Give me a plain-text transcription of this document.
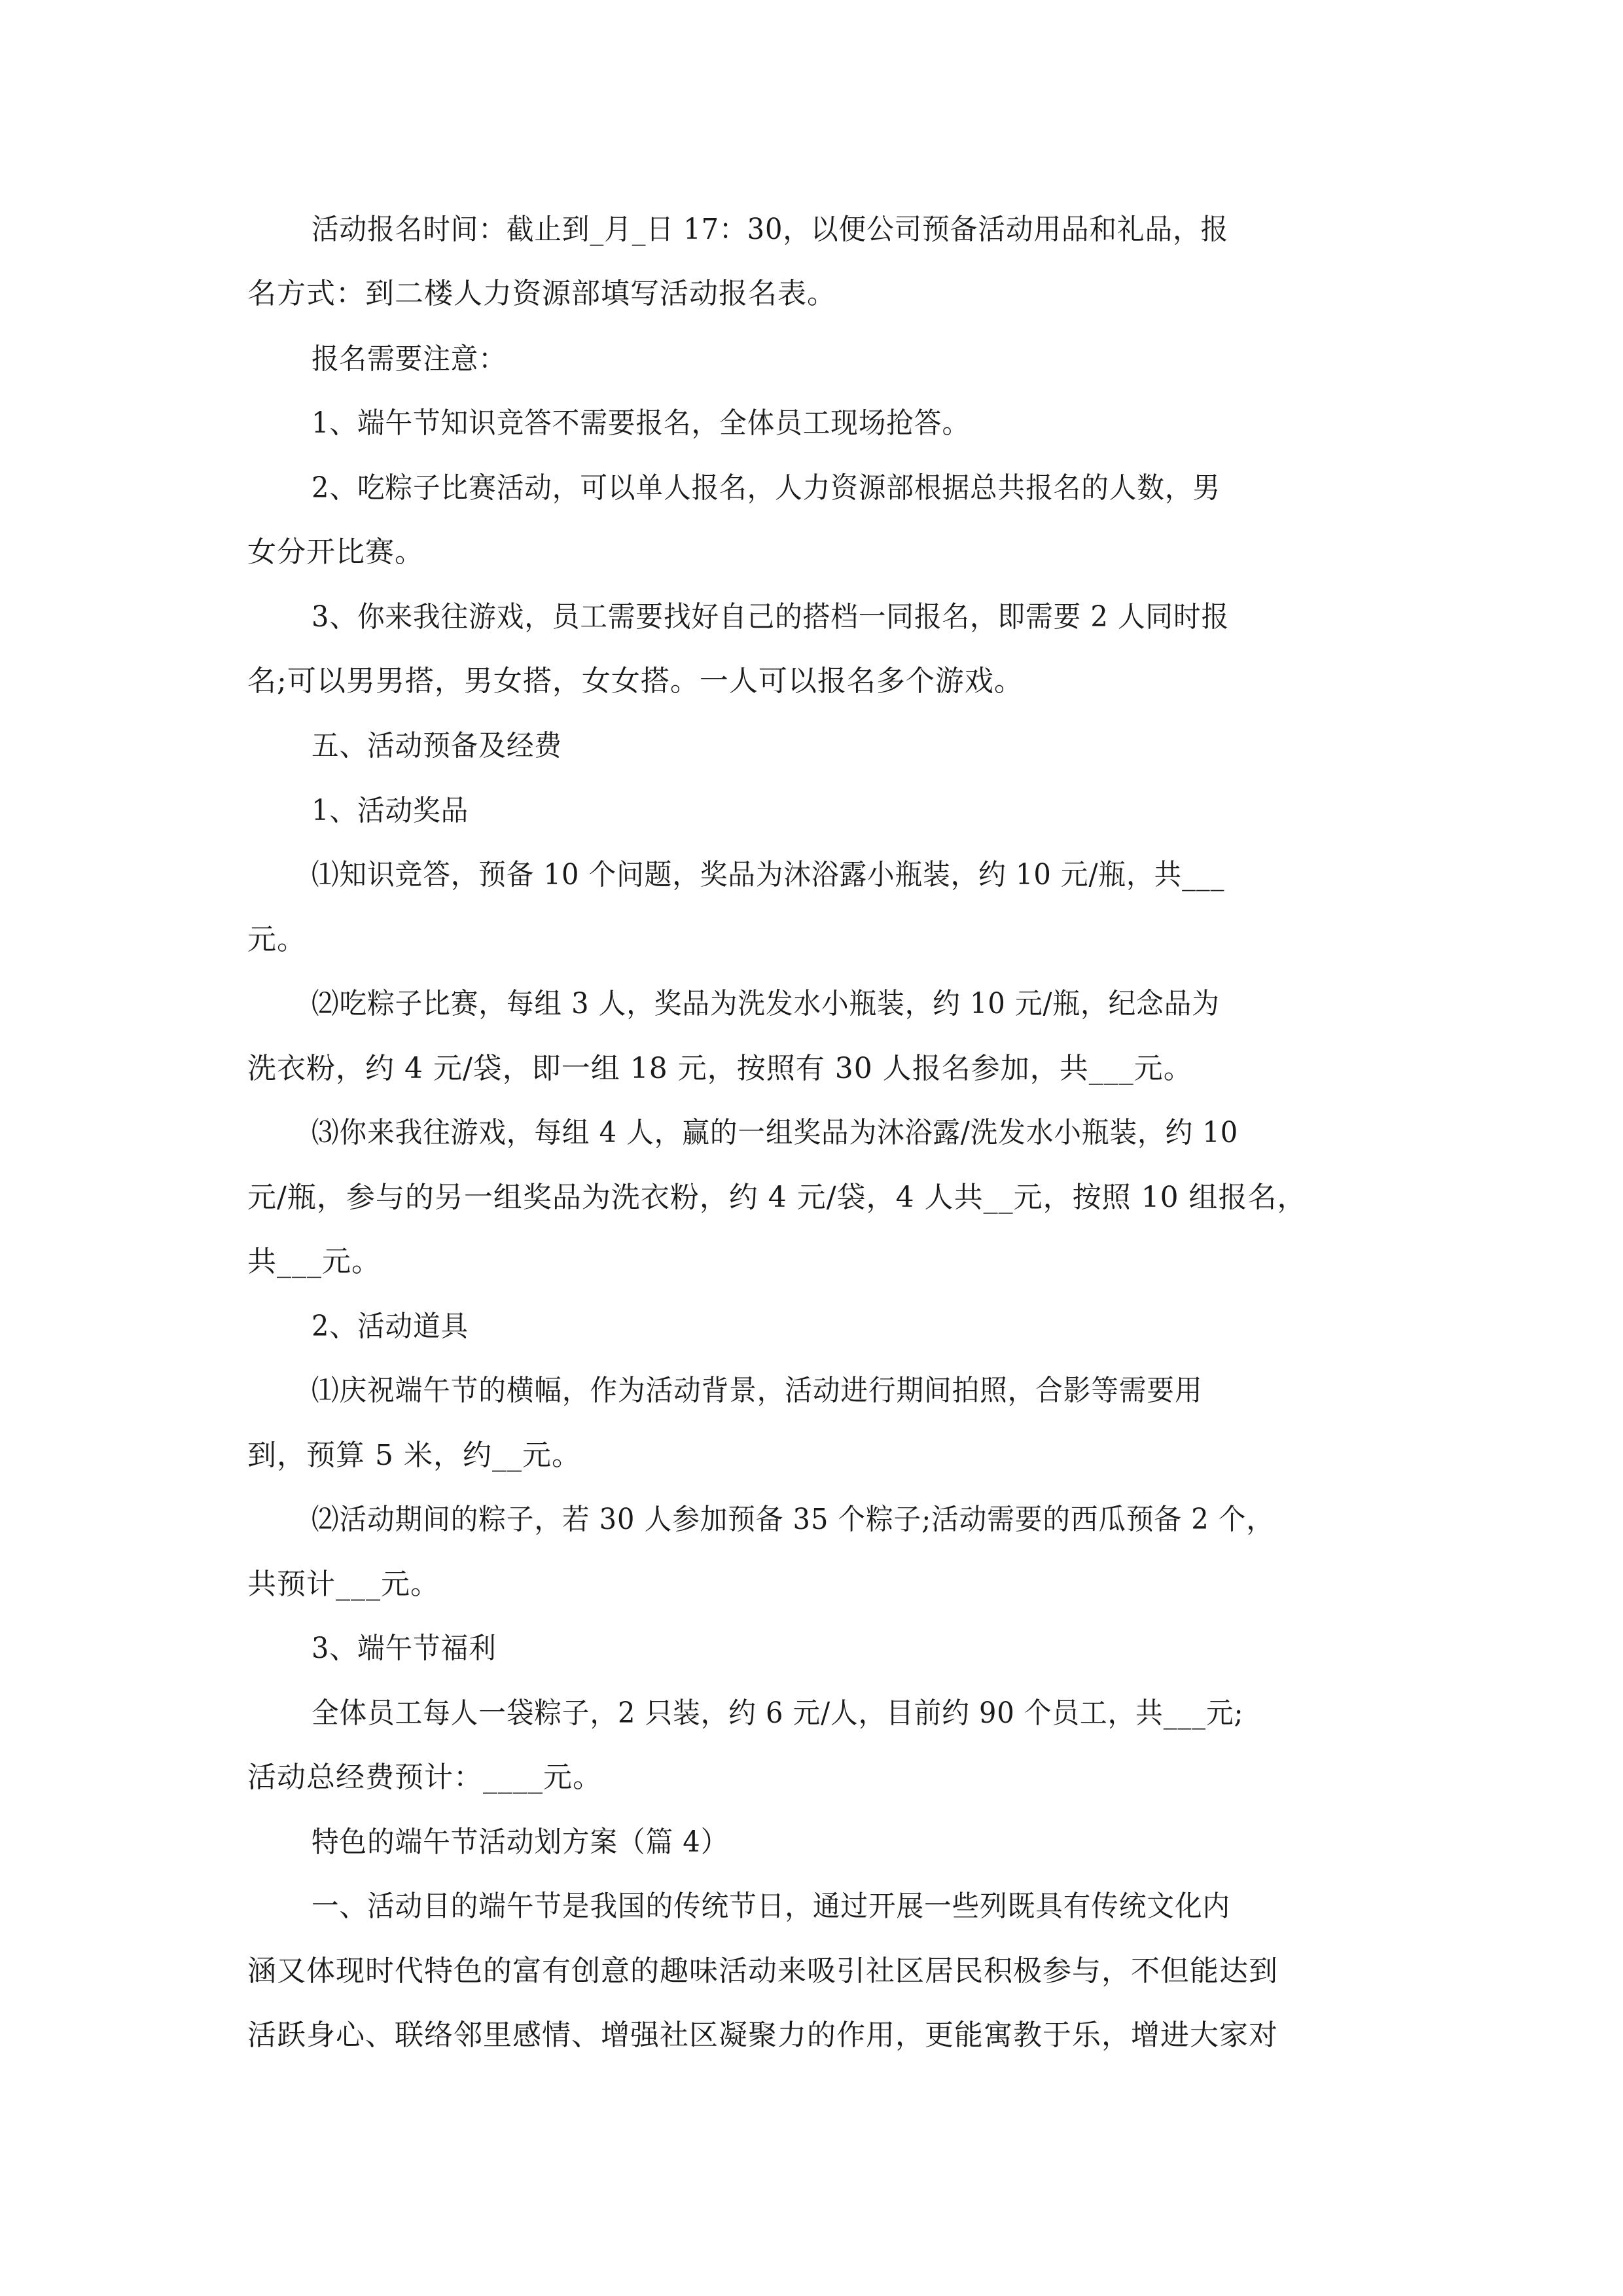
活动报名时间：截止到_月_日 17：30，以便公司预备活动用品和礼品，报
名方式：到二楼人力资源部填写活动报名表。
报名需要注意：
1、端午节知识竞答不需要报名，全体员工现场抢答。
2、吃粽子比赛活动，可以单人报名，人力资源部根据总共报名的人数，男
女分开比赛。
3、你来我往游戏，员工需要找好自己的搭档一同报名，即需要 2 人同时报
名;可以男男搭，男女搭，女女搭。一人可以报名多个游戏。
五、活动预备及经费
1、活动奖品
⑴知识竞答，预备 10 个问题，奖品为沐浴露小瓶装，约 10 元/瓶，共___
元。
⑵吃粽子比赛，每组 3 人，奖品为洗发水小瓶装，约 10 元/瓶，纪念品为
洗衣粉，约 4 元/袋，即一组 18 元，按照有 30 人报名参加，共___元。
⑶你来我往游戏，每组 4 人，赢的一组奖品为沐浴露/洗发水小瓶装，约 10
元/瓶，参与的另一组奖品为洗衣粉，约 4 元/袋，4 人共__元，按照 10 组报名，
共___元。
2、活动道具
⑴庆祝端午节的横幅，作为活动背景，活动进行期间拍照，合影等需要用
到，预算 5 米，约__元。
⑵活动期间的粽子，若 30 人参加预备 35 个粽子;活动需要的西瓜预备 2 个，
共预计___元。
3、端午节福利
全体员工每人一袋粽子，2 只装，约 6 元/人，目前约 90 个员工，共___元;
活动总经费预计：____元。
特色的端午节活动划方案（篇 4）
一、活动目的端午节是我国的传统节日，通过开展一些列既具有传统文化内
涵又体现时代特色的富有创意的趣味活动来吸引社区居民积极参与，不但能达到
活跃身心、联络邻里感情、增强社区凝聚力的作用，更能寓教于乐，增进大家对
